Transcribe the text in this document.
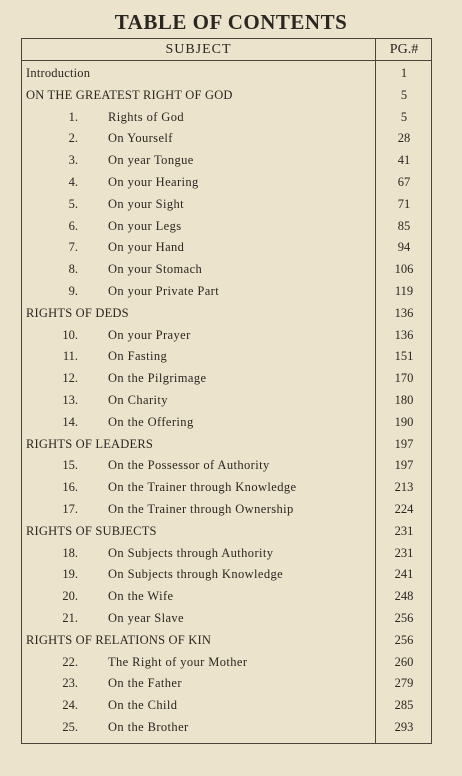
TABLE OF CONTENTS
SUBJECT	PG.#
Introduction	1
ON THE GREATEST RIGHT OF GOD	5
1. Rights of God	5
2. On Yourself	28
3. On year Tongue	41
4. On your Hearing	67
5. On your Sight	71
6. On your Legs	85
7. On your Hand	94
8. On your Stomach	106
9. On your Private Part	119
RIGHTS OF DEDS	136
10. On your Prayer	136
11. On Fasting	151
12. On the Pilgrimage	170
13. On Charity	180
14. On the Offering	190
RIGHTS OF LEADERS	197
15. On the Possessor of Authority	197
16. On the Trainer through Knowledge	213
17. On the Trainer through Ownership	224
RIGHTS OF SUBJECTS	231
18. On Subjects through Authority	231
19. On Subjects through Knowledge	241
20. On the Wife	248
21. On year Slave	256
RIGHTS OF RELATIONS OF KIN	256
22. The Right of your Mother	260
23. On the Father	279
24. On the Child	285
25. On the Brother	293
